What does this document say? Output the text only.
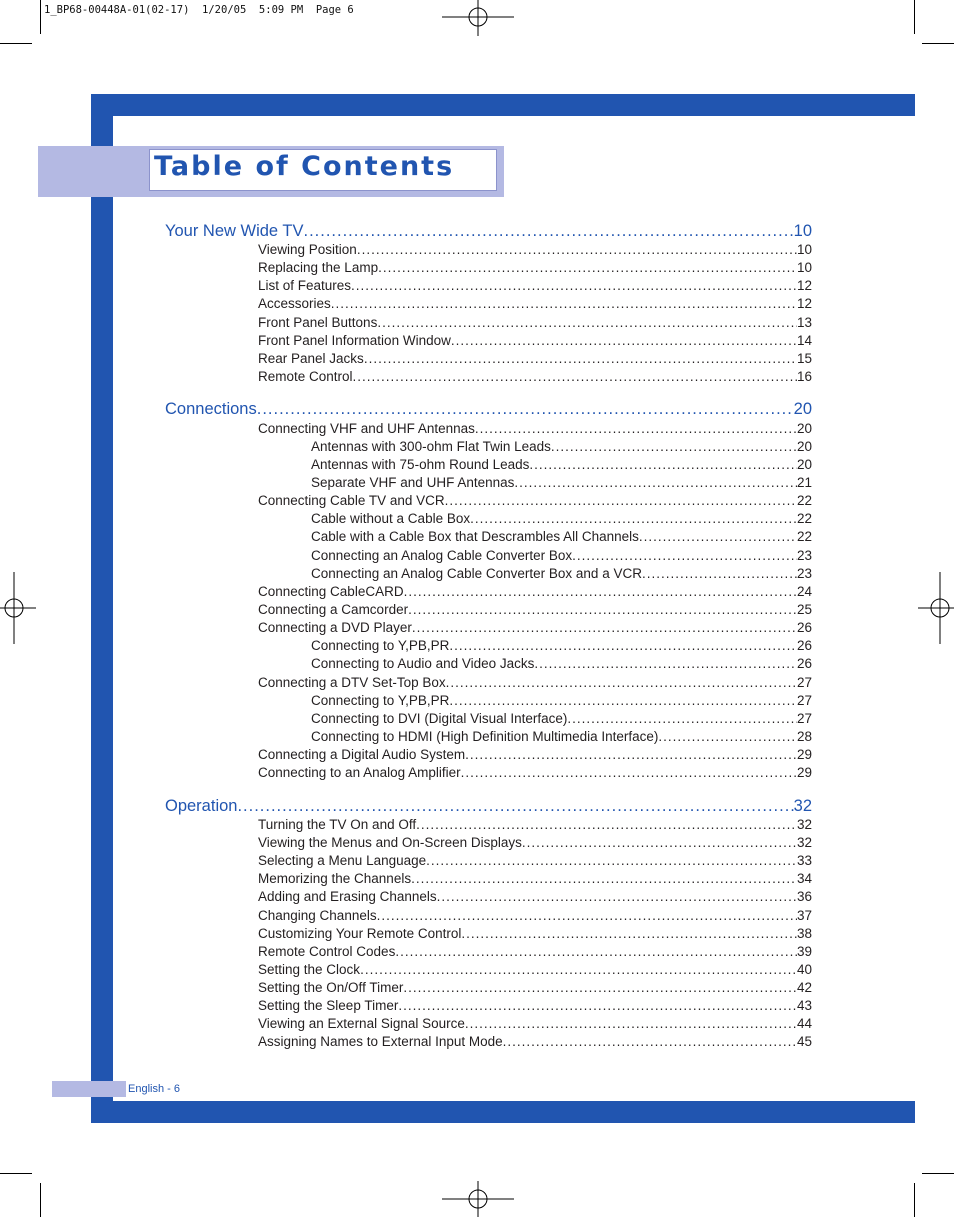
1_BP68-00448A-01(02-17)  1/20/05  5:09 PM  Page 6
Table of Contents
Your New Wide TV .....	10
Viewing Position .....	10
Replacing the Lamp .....	10
List of Features .....	12
Accessories .....	12
Front Panel Buttons .....	13
Front Panel Information Window .....	14
Rear Panel Jacks .....	15
Remote Control .....	16
Connections .....	20
Connecting VHF and UHF Antennas .....	20
Antennas with 300-ohm Flat Twin Leads .....	20
Antennas with 75-ohm Round Leads .....	20
Separate VHF and UHF Antennas .....	21
Connecting Cable TV and VCR .....	22
Cable without a Cable Box .....	22
Cable with a Cable Box that Descrambles All Channels .....	22
Connecting an Analog Cable Converter Box .....	23
Connecting an Analog Cable Converter Box and a VCR .....	23
Connecting CableCARD .....	24
Connecting a Camcorder .....	25
Connecting a DVD Player .....	26
Connecting to Y,PB,PR .....	26
Connecting to Audio and Video Jacks .....	26
Connecting a DTV Set-Top Box .....	27
Connecting to Y,PB,PR .....	27
Connecting to DVI (Digital Visual Interface) .....	27
Connecting to HDMI (High Definition Multimedia Interface) .....	28
Connecting a Digital Audio System .....	29
Connecting to an Analog Amplifier .....	29
Operation .....	32
Turning the TV On and Off .....	32
Viewing the Menus and On-Screen Displays .....	32
Selecting a Menu Language .....	33
Memorizing the Channels .....	34
Adding and Erasing Channels .....	36
Changing Channels .....	37
Customizing Your Remote Control .....	38
Remote Control Codes .....	39
Setting the Clock .....	40
Setting the On/Off Timer .....	42
Setting the Sleep Timer .....	43
Viewing an External Signal Source .....	44
Assigning Names to External Input Mode .....	45
English - 6
